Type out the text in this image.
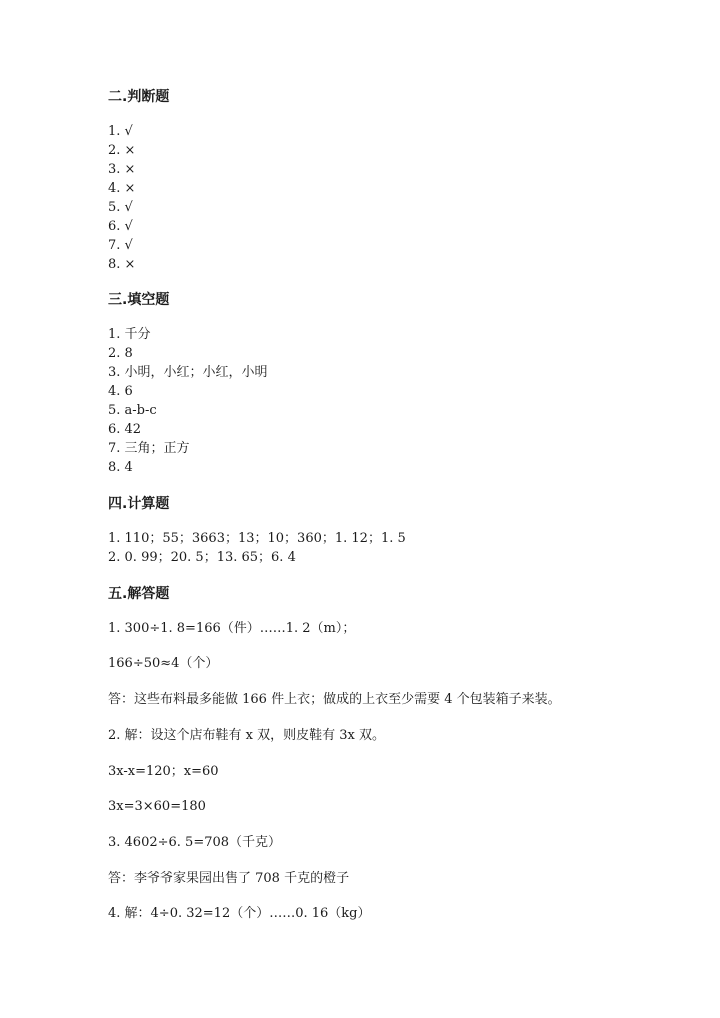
二.判断题
1. √
2. ×
3. ×
4. ×
5. √
6. √
7. √
8. ×
三.填空题
1. 千分
2. 8
3. 小明，小红；小红，小明
4. 6
5. a-b-c
6. 42
7. 三角；正方
8. 4
四.计算题
1. 110；55；3663；13；10；360；1. 12；1. 5
2. 0. 99；20. 5；13. 65；6. 4
五.解答题
1. 300÷1. 8=166（件）……1. 2（m）；
166÷50≈4（个）
答：这些布料最多能做 166 件上衣；做成的上衣至少需要 4 个包装箱子来装。
2. 解：设这个店布鞋有 x 双，则皮鞋有 3x 双。
3x-x=120；x=60
3x=3×60=180
3. 4602÷6. 5=708（千克）
答：李爷爷家果园出售了 708 千克的橙子
4. 解：4÷0. 32=12（个）……0. 16（kg）
